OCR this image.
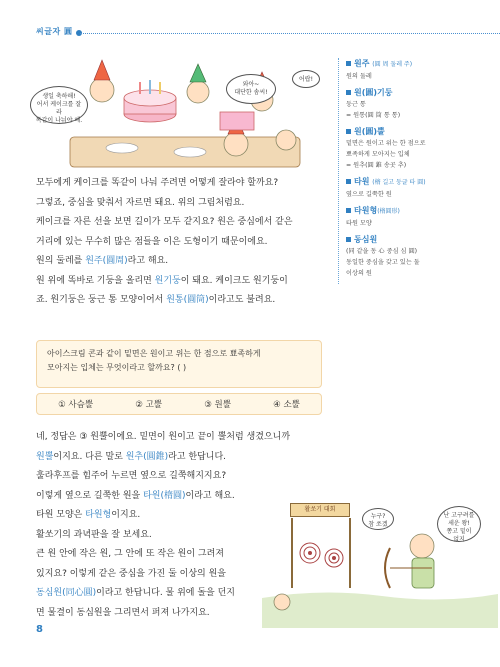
씨글자 圓
생일 축하해!
어서 케이크를 잘라
똑같이 나눠야 해.
와아~
대단한 솜씨!
어랍!
모두에게 케이크를 똑같이 나눠 주려면 어떻게 잘라야 할까요?
그렇죠, 중심을 맞춰서 자르면 돼요. 위의 그림처럼요.
케이크를 자른 선을 보면 길이가 모두 같지요? 원은 중심에서 같은
거리에 있는 무수히 많은 점들을 이은 도형이기 때문이에요.
원의 둘레를 원주(圓周)라고 해요.
원 위에 똑바로 기둥을 올리면 원기둥이 돼요. 케이크도 원기둥이
죠. 원기둥은 둥근 통 모양이어서 원통(圓筒)이라고도 불려요.
아이스크림 콘과 같이 밑면은 원이고 위는 한 점으로 뾰족하게
모아지는 입체는 무엇이라고 할까요? ( )
① 사슴뿔	② 고뿔	③ 원뿔	④ 소뿔
네, 정답은 ③ 원뿔이에요. 밑면이 원이고 끝이 뿔처럼 생겼으니까
원뿔이지요. 다른 말로 원추(圓錐)라고 한답니다.
훌라후프를 힘주어 누르면 옆으로 길쭉해지지요?
이렇게 옆으로 길쭉한 원을 타원(楕圓)이라고 해요.
타원 모양은 타원형이지요.
활쏘기의 과녁판을 잘 보세요.
큰 원 안에 작은 원, 그 안에 또 작은 원이 그려져
있지요? 이렇게 같은 중심을 가진 둘 이상의 원을
동심원(同心圓)이라고 한답니다. 물 위에 돌을 던지
면 물결이 동심원을 그리면서 퍼져 나가지요.
원주 (圓 周 둘레 주)
원의 둘레
원(圓)기둥
둥근 통
= 원통(圓 筒 통 통)
원(圓)뿔
밑면은 원이고 위는 한 점으로
뾰족하게 모아지는 입체
= 원추(圓 錐 송곳 추)
타원 (楕 길고 둥글 타 圓)
옆으로 길쭉한 원
타원형(楕圓形)
타원 모양
동심원
(同 같을 동 心 중심 심 圓)
동일한 중심을 갖고 있는 둘
이상의 원
활쏘기 대회
누구?
참 쏘겠
난 고구려를
세운 왕!
쫑고 밑이
없지
8
